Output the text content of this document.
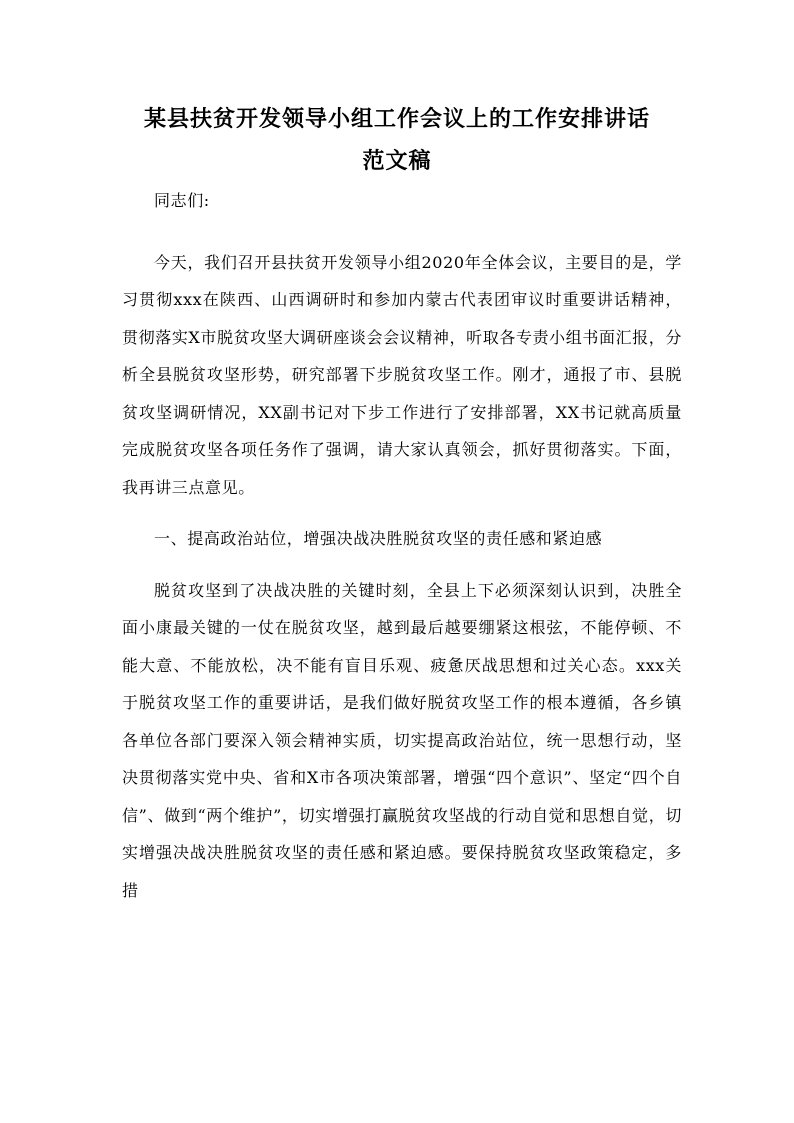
某县扶贫开发领导小组工作会议上的工作安排讲话
范文稿

同志们:

今天，我们召开县扶贫开发领导小组2020年全体会议，主要目的是，学习贯彻xxx在陕西、山西调研时和参加内蒙古代表团审议时重要讲话精神，贯彻落实X市脱贫攻坚大调研座谈会会议精神，听取各专责小组书面汇报，分析全县脱贫攻坚形势，研究部署下步脱贫攻坚工作。刚才，通报了市、县脱贫攻坚调研情况，XX副书记对下步工作进行了安排部署，XX书记就高质量完成脱贫攻坚各项任务作了强调，请大家认真领会，抓好贯彻落实。下面，我再讲三点意见。

一、提高政治站位，增强决战决胜脱贫攻坚的责任感和紧迫感

脱贫攻坚到了决战决胜的关键时刻，全县上下必须深刻认识到，决胜全面小康最关键的一仗在脱贫攻坚，越到最后越要绷紧这根弦，不能停顿、不能大意、不能放松，决不能有盲目乐观、疲惫厌战思想和过关心态。xxx关于脱贫攻坚工作的重要讲话，是我们做好脱贫攻坚工作的根本遵循，各乡镇各单位各部门要深入领会精神实质，切实提高政治站位，统一思想行动，坚决贯彻落实党中央、省和X市各项决策部署，增强“四个意识”、坚定“四个自信”、做到“两个维护”，切实增强打赢脱贫攻坚战的行动自觉和思想自觉，切实增强决战决胜脱贫攻坚的责任感和紧迫感。要保持脱贫攻坚政策稳定，多措
